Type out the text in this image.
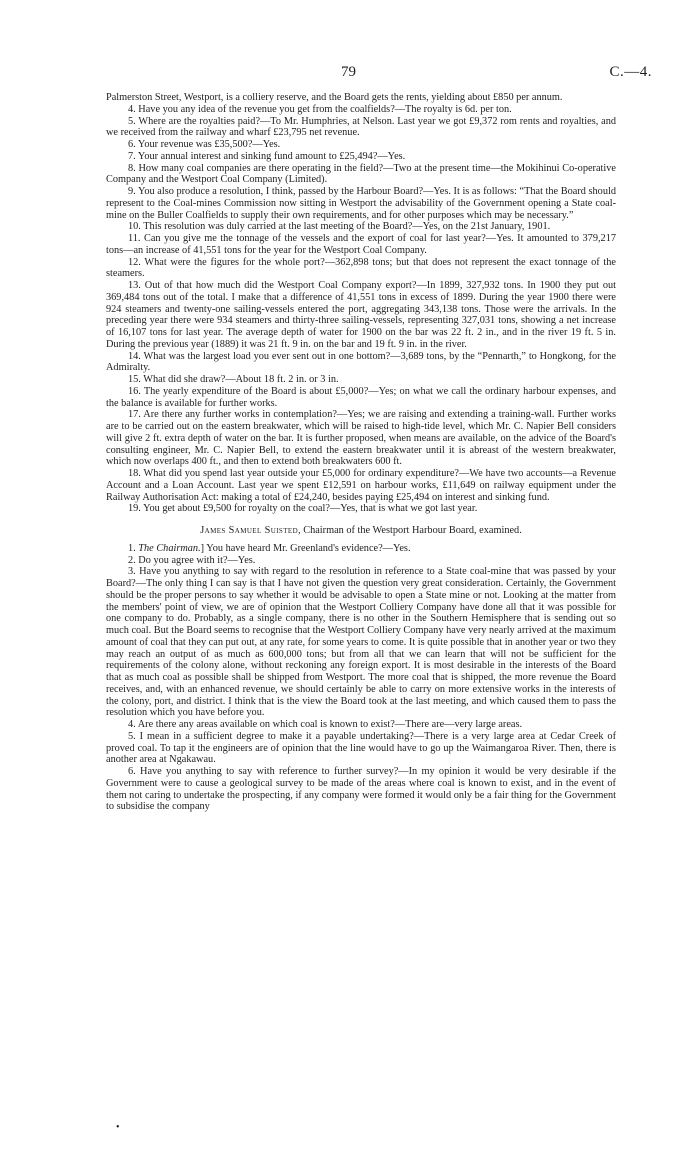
79	C.—4.

Palmerston Street, Westport, is a colliery reserve, and the Board gets the rents, yielding about £850 per annum.

4. Have you any idea of the revenue you get from the coalfields?—The royalty is 6d. per ton.

5. Where are the royalties paid?—To Mr. Humphries, at Nelson. Last year we got £9,372 rom rents and royalties, and we received from the railway and wharf £23,795 net revenue.

6. Your revenue was £35,500?—Yes.

7. Your annual interest and sinking fund amount to £25,494?—Yes.

8. How many coal companies are there operating in the field?—Two at the present time—the Mokihinui Co-operative Company and the Westport Coal Company (Limited).

9. You also produce a resolution, I think, passed by the Harbour Board?—Yes. It is as follows: “That the Board should represent to the Coal-mines Commission now sitting in Westport the advisability of the Government opening a State coal-mine on the Buller Coalfields to supply their own requirements, and for other purposes which may be necessary.”

10. This resolution was duly carried at the last meeting of the Board?—Yes, on the 21st January, 1901.

11. Can you give me the tonnage of the vessels and the export of coal for last year?—Yes. It amounted to 379,217 tons—an increase of 41,551 tons for the year for the Westport Coal Company.

12. What were the figures for the whole port?—362,898 tons; but that does not represent the exact tonnage of the steamers.

13. Out of that how much did the Westport Coal Company export?—In 1899, 327,932 tons. In 1900 they put out 369,484 tons out of the total. I make that a difference of 41,551 tons in excess of 1899. During the year 1900 there were 924 steamers and twenty-one sailing-vessels entered the port, aggregating 343,138 tons. Those were the arrivals. In the preceding year there were 934 steamers and thirty-three sailing-vessels, representing 327,031 tons, showing a net increase of 16,107 tons for last year. The average depth of water for 1900 on the bar was 22 ft. 2 in., and in the river 19 ft. 5 in. During the previous year (1889) it was 21 ft. 9 in. on the bar and 19 ft. 9 in. in the river.

14. What was the largest load you ever sent out in one bottom?—3,689 tons, by the “Pennarth,” to Hongkong, for the Admiralty.

15. What did she draw?—About 18 ft. 2 in. or 3 in.

16. The yearly expenditure of the Board is about £5,000?—Yes; on what we call the ordinary harbour expenses, and the balance is available for further works.

17. Are there any further works in contemplation?—Yes; we are raising and extending a training-wall. Further works are to be carried out on the eastern breakwater, which will be raised to high-tide level, which Mr. C. Napier Bell considers will give 2 ft. extra depth of water on the bar. It is further proposed, when means are available, on the advice of the Board's consulting engineer, Mr. C. Napier Bell, to extend the eastern breakwater until it is abreast of the western breakwater, which now overlaps 400 ft., and then to extend both breakwaters 600 ft.

18. What did you spend last year outside your £5,000 for ordinary expenditure?—We have two accounts—a Revenue Account and a Loan Account. Last year we spent £12,591 on harbour works, £11,649 on railway equipment under the Railway Authorisation Act: making a total of £24,240, besides paying £25,494 on interest and sinking fund.

19. You get about £9,500 for royalty on the coal?—Yes, that is what we got last year.

James Samuel Suisted, Chairman of the Westport Harbour Board, examined.

1. The Chairman.] You have heard Mr. Greenland's evidence?—Yes.

2. Do you agree with it?—Yes.

3. Have you anything to say with regard to the resolution in reference to a State coal-mine that was passed by your Board?—The only thing I can say is that I have not given the question very great consideration. Certainly, the Government should be the proper persons to say whether it would be advisable to open a State mine or not. Looking at the matter from the members' point of view, we are of opinion that the Westport Colliery Company have done all that it was possible for one company to do. Probably, as a single company, there is no other in the Southern Hemisphere that is sending out so much coal. But the Board seems to recognise that the Westport Colliery Company have very nearly arrived at the maximum amount of coal that they can put out, at any rate, for some years to come. It is quite possible that in another year or two they may reach an output of as much as 600,000 tons; but from all that we can learn that will not be sufficient for the requirements of the colony alone, without reckoning any foreign export. It is most desirable in the interests of the Board that as much coal as possible shall be shipped from Westport. The more coal that is shipped, the more revenue the Board receives, and, with an enhanced revenue, we should certainly be able to carry on more extensive works in the interests of the colony, port, and district. I think that is the view the Board took at the last meeting, and which caused them to pass the resolution which you have before you.

4. Are there any areas available on which coal is known to exist?—There are—very large areas.

5. I mean in a sufficient degree to make it a payable undertaking?—There is a very large area at Cedar Creek of proved coal. To tap it the engineers are of opinion that the line would have to go up the Waimangaroa River. Then, there is another area at Ngakawau.

6. Have you anything to say with reference to further survey?—In my opinion it would be very desirable if the Government were to cause a geological survey to be made of the areas where coal is known to exist, and in the event of them not caring to undertake the prospecting, if any company were formed it would only be a fair thing for the Government to subsidise the company

•
